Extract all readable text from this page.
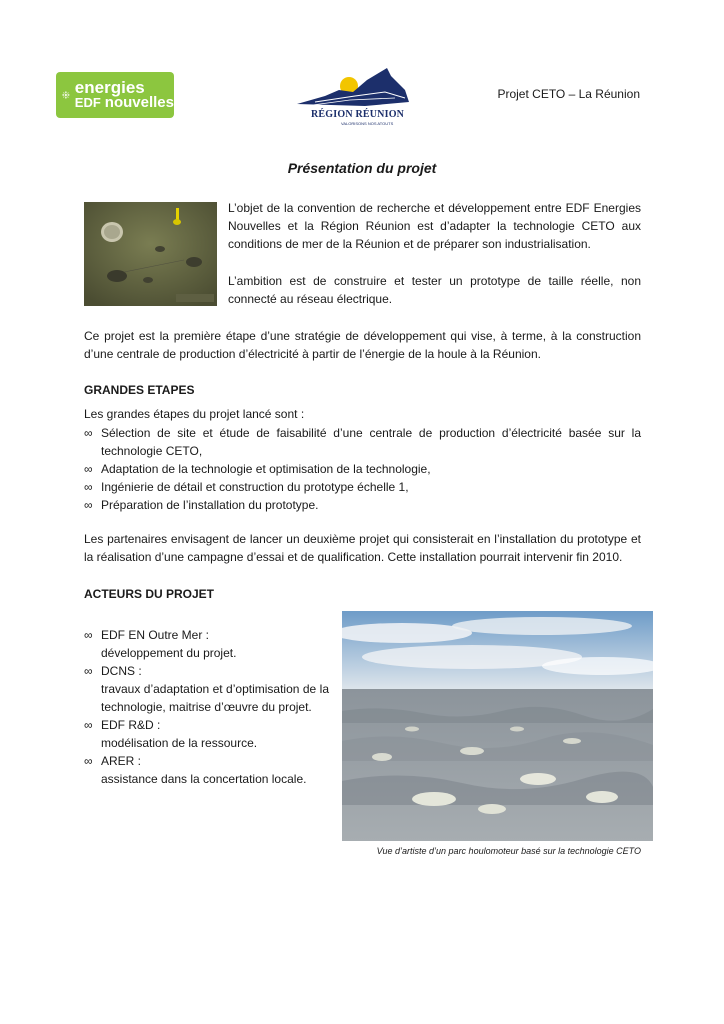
energies
EDF nouvelles
RÉGION RÉUNION
VALORISONS NOS ATOUTS
Projet CETO – La Réunion
Présentation du projet
L’objet de la convention de recherche et développement entre EDF Energies Nouvelles et la Région Réunion est d’adapter la technologie CETO aux conditions de mer de la Réunion et de préparer son industrialisation.
L’ambition est de construire et tester un prototype de taille réelle, non connecté au réseau électrique.
Ce projet est la première étape d’une stratégie de développement qui vise, à terme, à la construction d’une centrale de production d’électricité à partir de l’énergie de la houle à la Réunion.
GRANDES ETAPES
Les grandes étapes du projet lancé sont :
∞ Sélection de site et étude de faisabilité d’une centrale de production d’électricité basée sur la technologie CETO,
∞ Adaptation de la technologie et optimisation de la technologie,
∞ Ingénierie de détail et construction du prototype échelle 1,
∞ Préparation de l’installation du prototype.
Les partenaires envisagent de lancer un deuxième projet qui consisterait en l’installation du prototype et la réalisation d’une campagne d’essai et de qualification. Cette installation pourrait intervenir fin 2010.
ACTEURS DU PROJET
∞ EDF EN Outre Mer :
développement du projet.
∞ DCNS :
travaux d’adaptation et d’optimisation de la technologie, maitrise d’œuvre du projet.
∞ EDF R&D :
modélisation de la ressource.
∞ ARER :
assistance dans la concertation locale.
Vue d’artiste d’un parc houlomoteur basé sur la technologie CETO
